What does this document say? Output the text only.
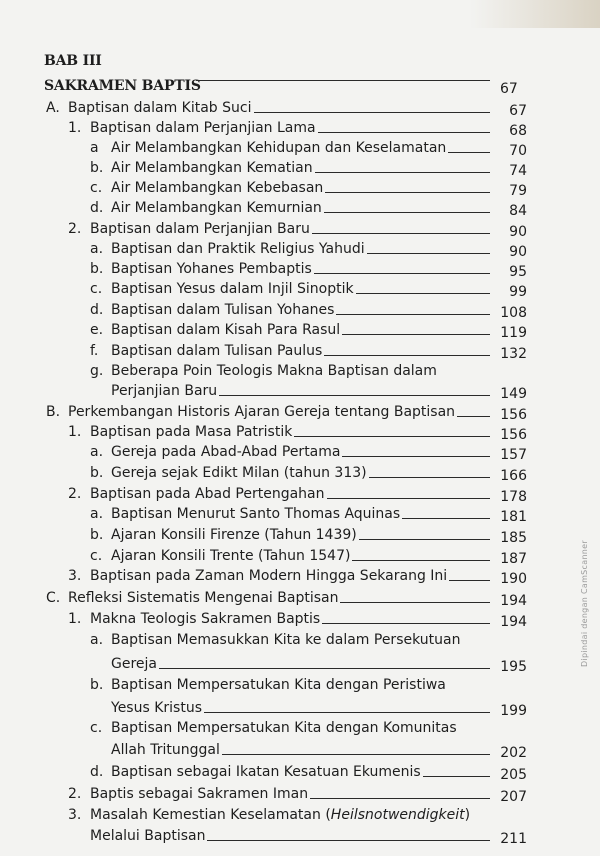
BAB III
SAKRAMEN BAPTIS	67
A. Baptisan dalam Kitab Suci	67
1. Baptisan dalam Perjanjian Lama	68
a Air Melambangkan Kehidupan dan Keselamatan	70
b. Air Melambangkan Kematian	74
c. Air Melambangkan Kebebasan	79
d. Air Melambangkan Kemurnian	84
2. Baptisan dalam Perjanjian Baru	90
a. Baptisan dan Praktik Religius Yahudi	90
b. Baptisan Yohanes Pembaptis	95
c. Baptisan Yesus dalam Injil Sinoptik	99
d. Baptisan dalam Tulisan Yohanes	108
e. Baptisan dalam Kisah Para Rasul	119
f. Baptisan dalam Tulisan Paulus	132
g. Beberapa Poin Teologis Makna Baptisan dalam
Perjanjian Baru	149
B. Perkembangan Historis Ajaran Gereja tentang Baptisan	156
1. Baptisan pada Masa Patristik	156
a. Gereja pada Abad-Abad Pertama	157
b. Gereja sejak Edikt Milan (tahun 313)	166
2. Baptisan pada Abad Pertengahan	178
a. Baptisan Menurut Santo Thomas Aquinas	181
b. Ajaran Konsili Firenze (Tahun 1439)	185
c. Ajaran Konsili Trente (Tahun 1547)	187
3. Baptisan pada Zaman Modern Hingga Sekarang Ini	190
C. Refleksi Sistematis Mengenai Baptisan	194
1. Makna Teologis Sakramen Baptis	194
a. Baptisan Memasukkan Kita ke dalam Persekutuan
Gereja	195
b. Baptisan Mempersatukan Kita dengan Peristiwa
Yesus Kristus	199
c. Baptisan Mempersatukan Kita dengan Komunitas
Allah Tritunggal	202
d. Baptisan sebagai Ikatan Kesatuan Ekumenis	205
2. Baptis sebagai Sakramen Iman	207
3. Masalah Kemestian Keselamatan (Heilsnotwendigkeit)
Melalui Baptisan	211
Dipindai dengan CamScanner
